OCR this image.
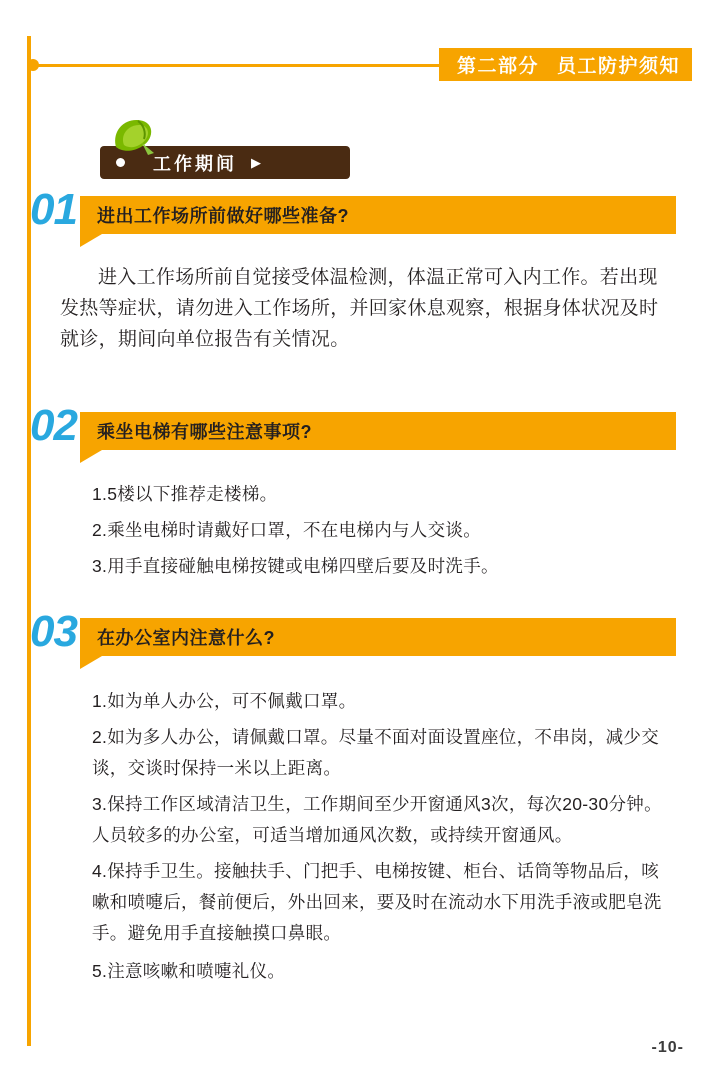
第二部分 员工防护须知
工作期间 ▶
01 进出工作场所前做好哪些准备?
进入工作场所前自觉接受体温检测，体温正常可入内工作。若出现发热等症状，请勿进入工作场所，并回家休息观察，根据身体状况及时就诊，期间向单位报告有关情况。
02 乘坐电梯有哪些注意事项?
1.5楼以下推荐走楼梯。
2.乘坐电梯时请戴好口罩，不在电梯内与人交谈。
3.用手直接碰触电梯按键或电梯四壁后要及时洗手。
03 在办公室内注意什么?
1.如为单人办公，可不佩戴口罩。
2.如为多人办公，请佩戴口罩。尽量不面对面设置座位，不串岗，减少交谈，交谈时保持一米以上距离。
3.保持工作区域清洁卫生，工作期间至少开窗通风3次，每次20-30分钟。人员较多的办公室，可适当增加通风次数，或持续开窗通风。
4.保持手卫生。接触扶手、门把手、电梯按键、柜台、话筒等物品后，咳嗽和喷嚏后，餐前便后，外出回来，要及时在流动水下用洗手液或肥皂洗手。避免用手直接触摸口鼻眼。
5.注意咳嗽和喷嚏礼仪。
-10-
